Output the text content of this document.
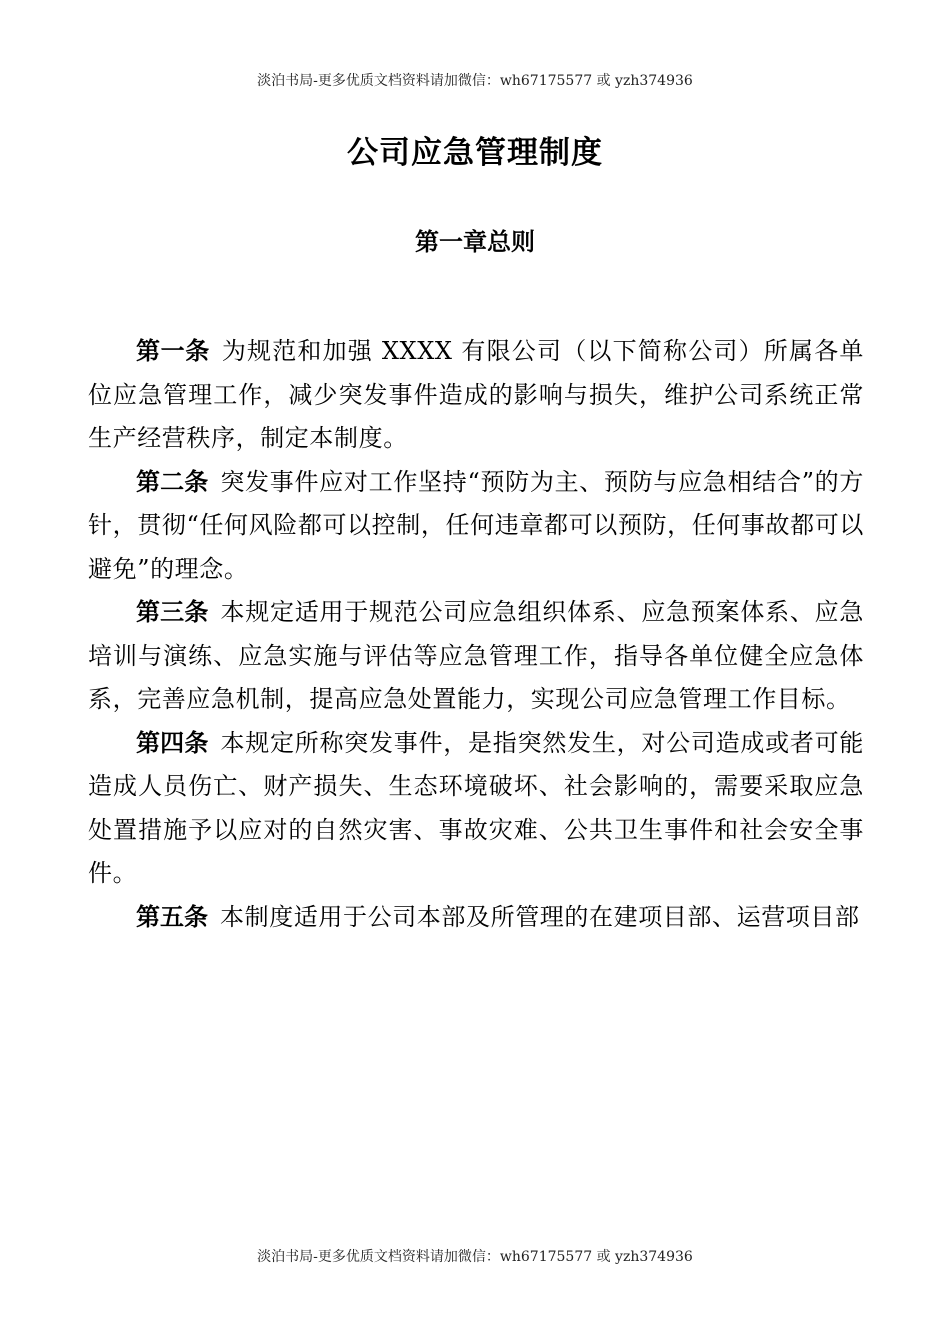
淡泊书局-更多优质文档资料请加微信：wh67175577 或 yzh374936
公司应急管理制度
第一章总则

第一条 为规范和加强 XXXX 有限公司（以下简称公司）所属各单位应急管理工作，减少突发事件造成的影响与损失，维护公司系统正常生产经营秩序，制定本制度。

第二条 突发事件应对工作坚持“预防为主、预防与应急相结合”的方针，贯彻“任何风险都可以控制，任何违章都可以预防，任何事故都可以避免”的理念。

第三条 本规定适用于规范公司应急组织体系、应急预案体系、应急培训与演练、应急实施与评估等应急管理工作，指导各单位健全应急体系，完善应急机制，提高应急处置能力，实现公司应急管理工作目标。

第四条 本规定所称突发事件，是指突然发生，对公司造成或者可能造成人员伤亡、财产损失、生态环境破坏、社会影响的，需要采取应急处置措施予以应对的自然灾害、事故灾难、公共卫生事件和社会安全事件。

第五条 本制度适用于公司本部及所管理的在建项目部、运营项目部

淡泊书局-更多优质文档资料请加微信：wh67175577 或 yzh374936
